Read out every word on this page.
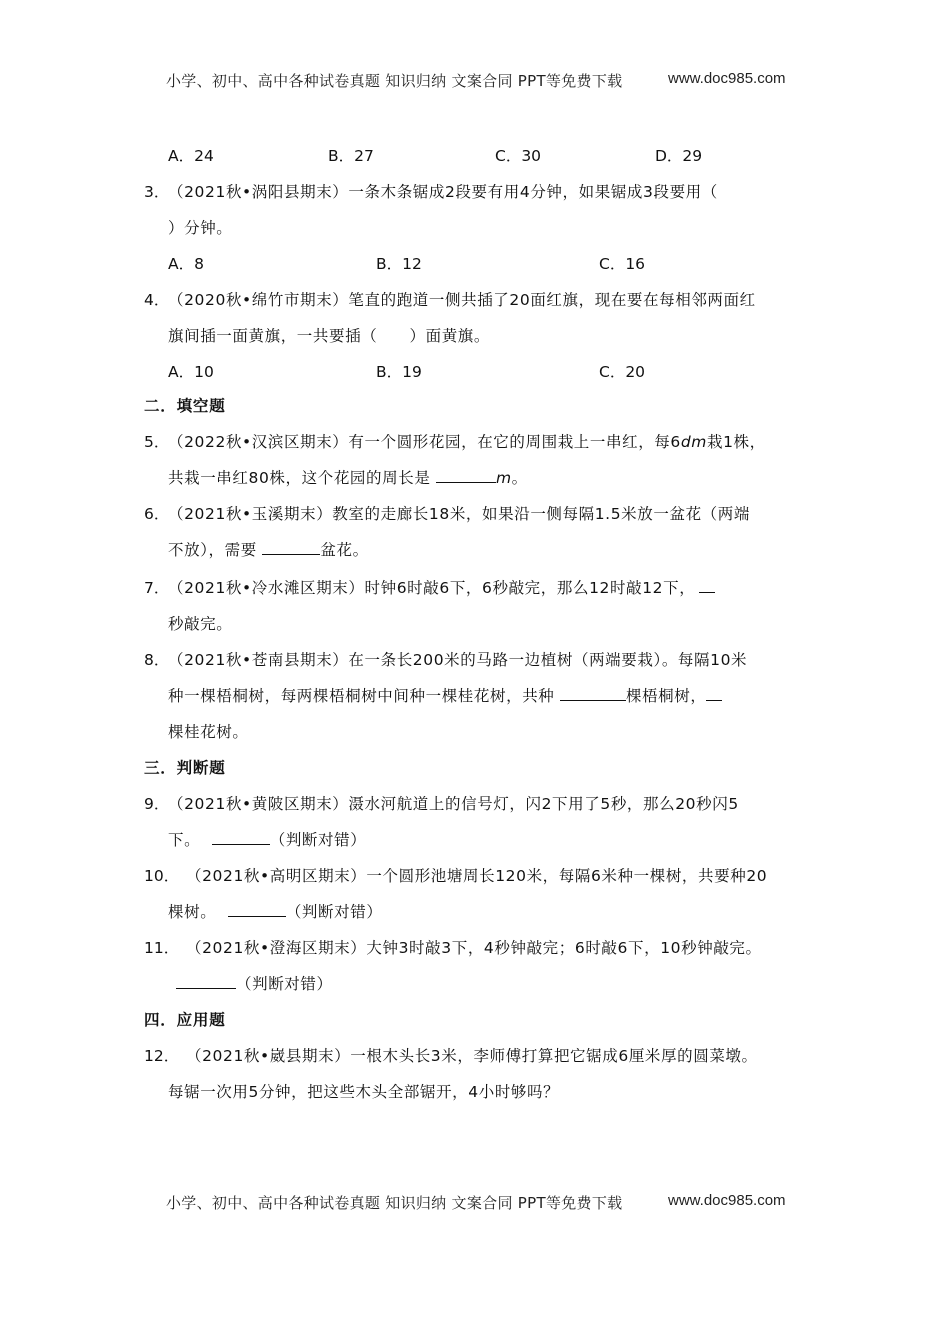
小学、初中、高中各种试卷真题 知识归纳 文案合同 PPT等免费下载	www.doc985.com
A．24	B．27	C．30	D．29
3．
（2021秋•涡阳县期末）一条木条锯成2段要有用4分钟，如果锯成3段要用（
）分钟。
A．8	B．12	C．16
4．
（2020秋•绵竹市期末）笔直的跑道一侧共插了20面红旗，现在要在每相邻两面红
旗间插一面黄旗，一共要插（　　）面黄旗。
A．10	B．19	C．20
二．填空题
5．
（2022秋•汉滨区期末）有一个圆形花园，在它的周围栽上一串红，每6dm栽1株，
共栽一串红80株，这个花园的周长是	m。
6．
（2021秋•玉溪期末）教室的走廊长18米，如果沿一侧每隔1.5米放一盆花（两端
不放），需要	盆花。
7．
（2021秋•冷水滩区期末）时钟6时敲6下，6秒敲完，那么12时敲12下，
秒敲完。
8．
（2021秋•苍南县期末）在一条长200米的马路一边植树（两端要栽）。每隔10米
种一棵梧桐树，每两棵梧桐树中间种一棵桂花树，共种	棵梧桐树，
棵桂花树。
三．判断题
9．
（2021秋•黄陂区期末）滠水河航道上的信号灯，闪2下用了5秒，那么20秒闪5
下。	（判断对错）
10． （2021秋•高明区期末）一个圆形池塘周长120米，每隔6米种一棵树，共要种20
棵树。	（判断对错）
11． （2021秋•澄海区期末）大钟3时敲3下，4秒钟敲完；6时敲6下，10秒钟敲完。
（判断对错）
四．应用题
12． （2021秋•崴县期末）一根木头长3米，李师傅打算把它锯成6厘米厚的圆菜墩。
每锯一次用5分钟，把这些木头全部锯开，4小时够吗？
小学、初中、高中各种试卷真题 知识归纳 文案合同 PPT等免费下载	www.doc985.com
